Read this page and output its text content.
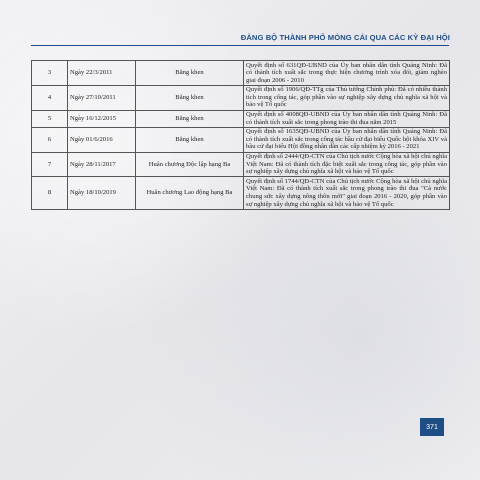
ĐẢNG BỘ THÀNH PHỐ MÓNG CÁI QUA CÁC KỲ ĐẠI HỘI
3	Ngày 22/3/2011	Bằng khen	Quyết định số 631QĐ-UBND của Ủy ban nhân dân tỉnh Quảng Ninh: Đã có thành tích xuất sắc trong thực hiện chương trình xóa đói, giảm nghèo giai đoạn 2006 - 2010
4	Ngày 27/10/2011	Bằng khen	Quyết định số 1906/QĐ-TTg của Thủ tướng Chính phủ: Đã có nhiều thành tích trong công tác, góp phần vào sự nghiệp xây dựng chủ nghĩa xã hội và bảo vệ Tổ quốc
5	Ngày 16/12/2015	Bằng khen	Quyết định số 4008QĐ-UBND của Ủy ban nhân dân tỉnh Quảng Ninh: Đã có thành tích xuất sắc trong phong trào thi đua năm 2015
6	Ngày 01/6/2016	Bằng khen	Quyết định số 1635QĐ-UBND của Ủy ban nhân dân tỉnh Quảng Ninh: Đã có thành tích xuất sắc trong công tác bầu cử đại biểu Quốc hội khóa XIV và bầu cử đại biểu Hội đồng nhân dân các cấp nhiệm kỳ 2016 - 2021
7	Ngày 28/11/2017	Huân chương Độc lập hạng Ba	Quyết định số 2444/QĐ-CTN của Chủ tịch nước Cộng hòa xã hội chủ nghĩa Việt Nam: Đã có thành tích đặc biệt xuất sắc trong công tác, góp phần vào sự nghiệp xây dựng chủ nghĩa xã hội và bảo vệ Tổ quốc
8	Ngày 18/10/2019	Huân chương Lao động hạng Ba	Quyết định số 1744/QĐ-CTN của Chủ tịch nước Cộng hòa xã hội chủ nghĩa Việt Nam: Đã có thành tích xuất sắc trong phong trào thi đua "Cả nước chung sức xây dựng nông thôn mới" giai đoạn 2016 - 2020, góp phần vào sự nghiệp xây dựng chủ nghĩa xã hội và bảo vệ Tổ quốc
371
